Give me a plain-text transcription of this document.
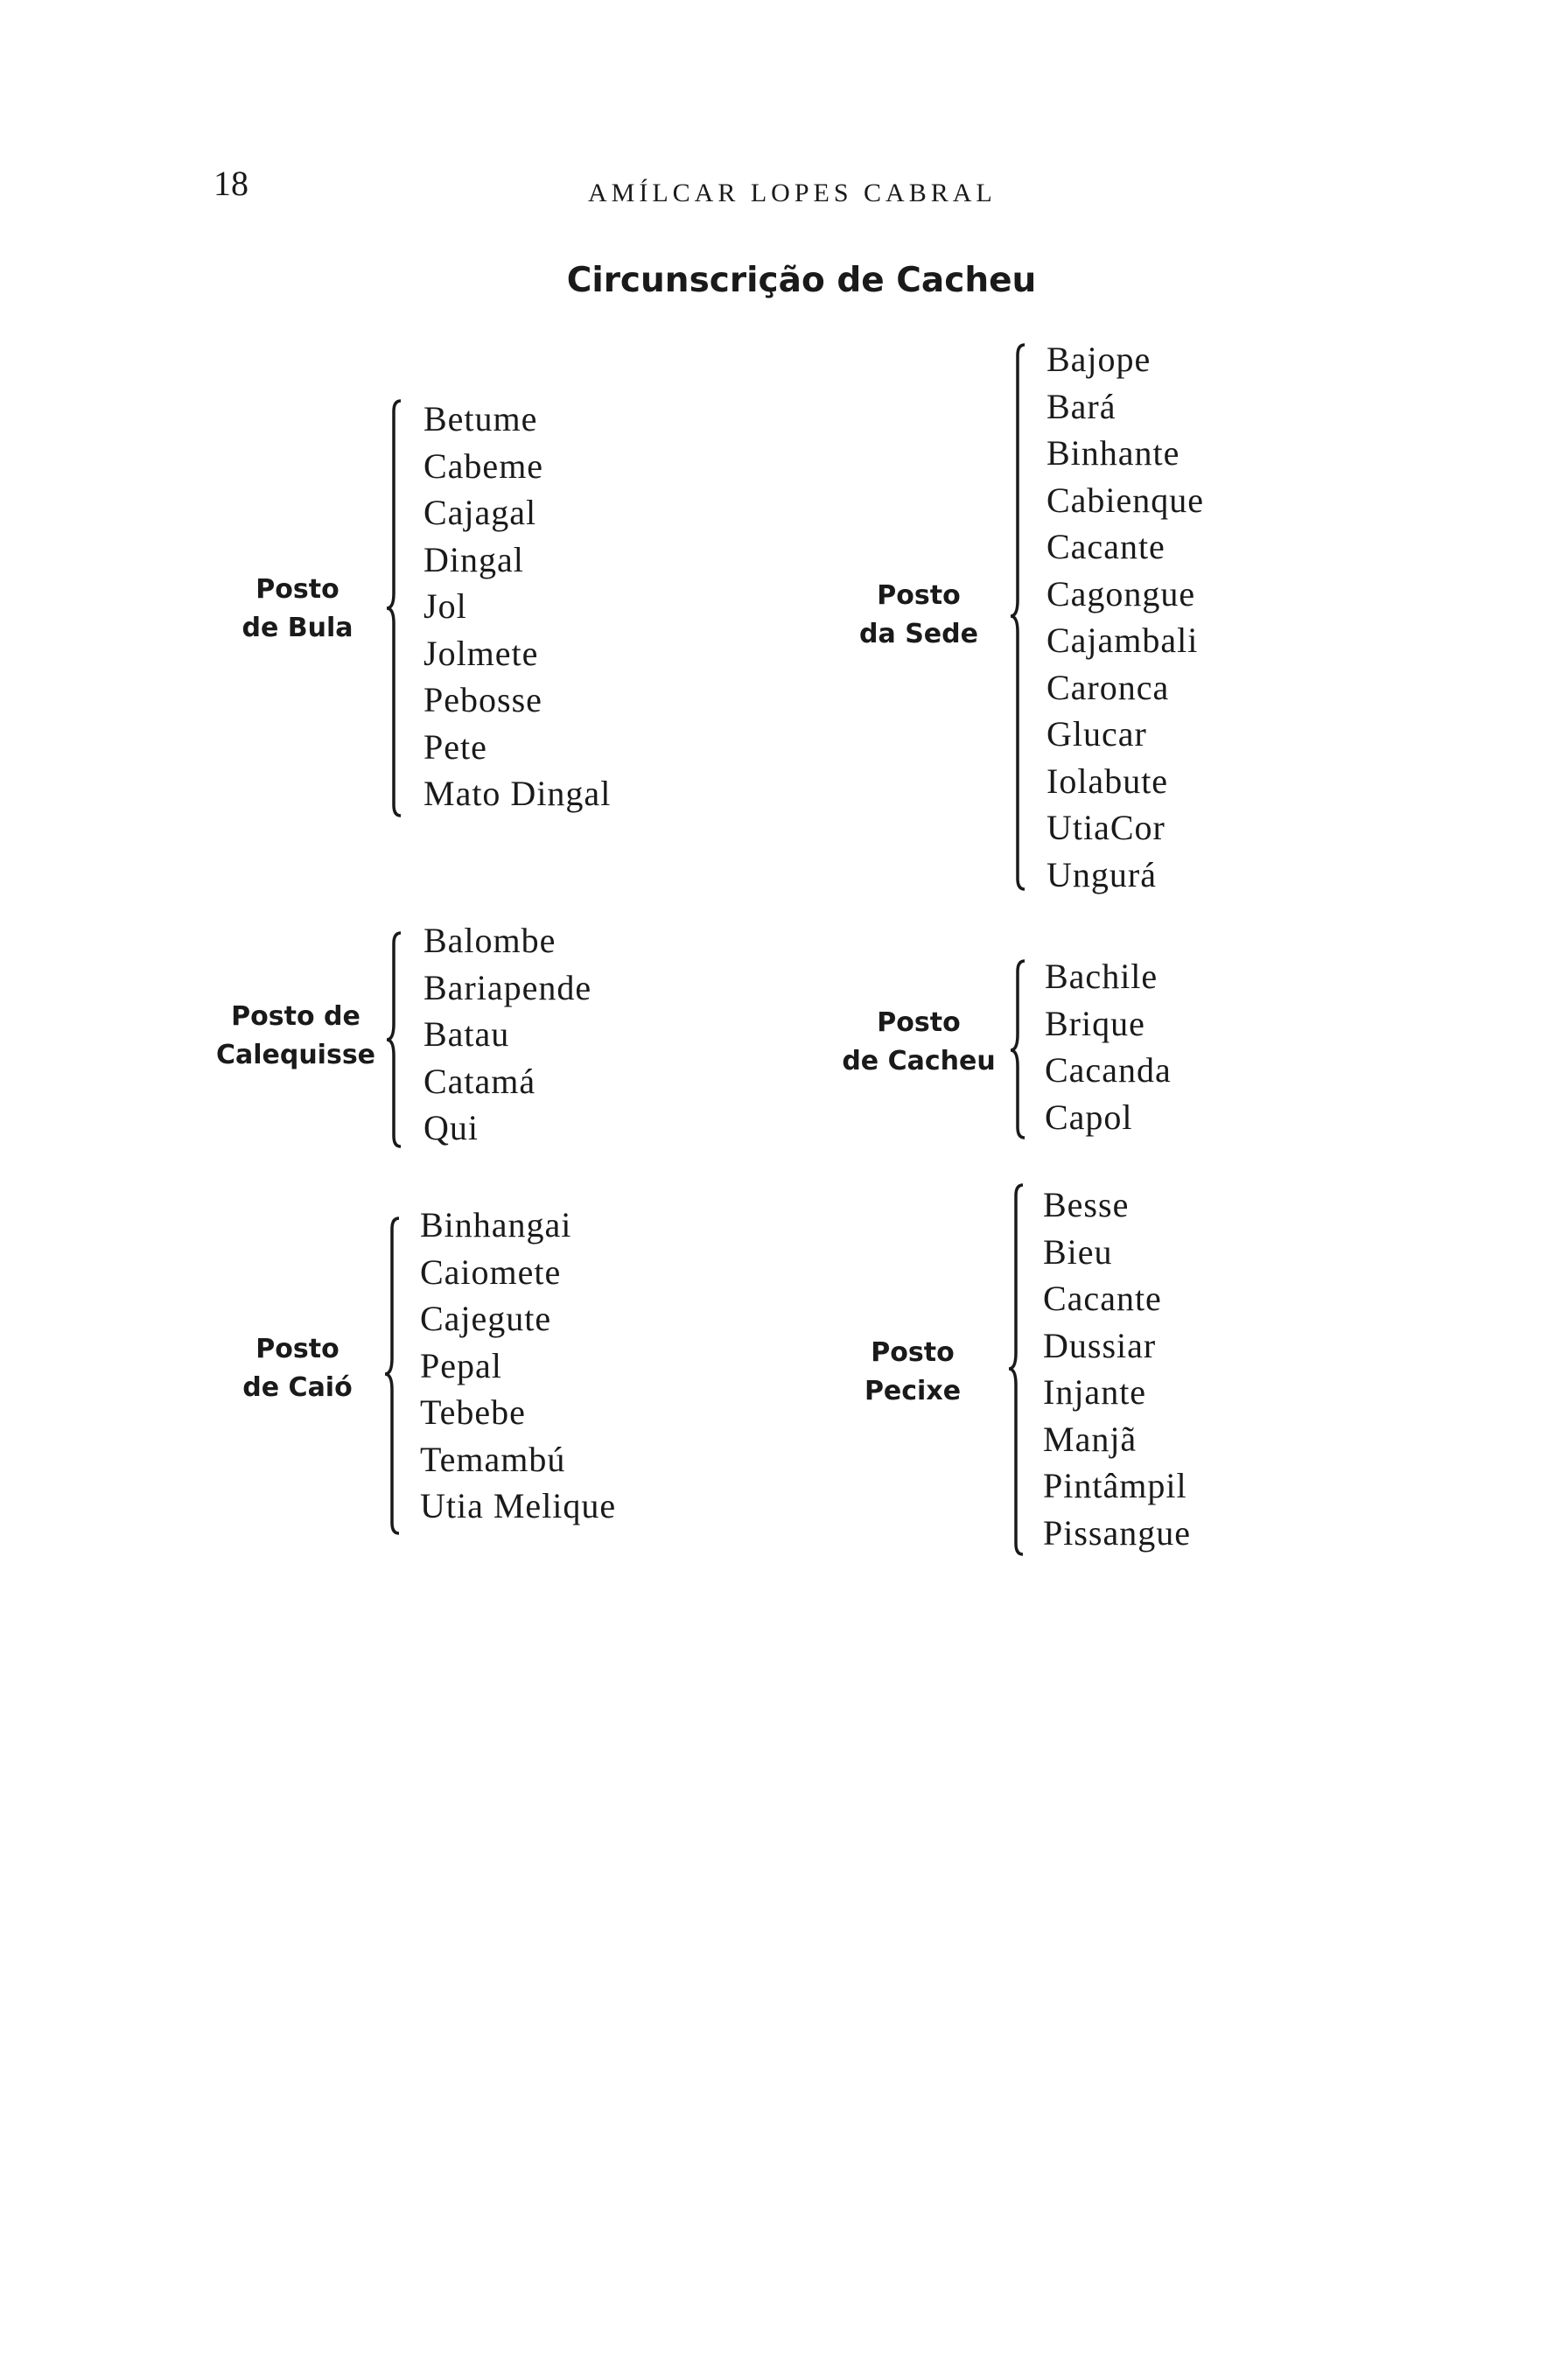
18	AMÍLCAR LOPES CABRAL
Circunscrição de Cacheu
Posto
de Bula
Betume
Cabeme
Cajagal
Dingal
Jol
Jolmete
Pebosse
Pete
Mato Dingal
Posto
da Sede
Bajope
Bará
Binhante
Cabienque
Cacante
Cagongue
Cajambali
Caronca
Glucar
Iolabute
UtiaCor
Ungurá
Posto de
Calequisse
Balombe
Bariapende
Batau
Catamá
Qui
Posto
de Cacheu
Bachile
Brique
Cacanda
Capol
Posto
de Caió
Binhangai
Caiomete
Cajegute
Pepal
Tebebe
Temambú
Utia Melique
Posto
Pecixe
Besse
Bieu
Cacante
Dussiar
Injante
Manjã
Pintâmpil
Pissangue
